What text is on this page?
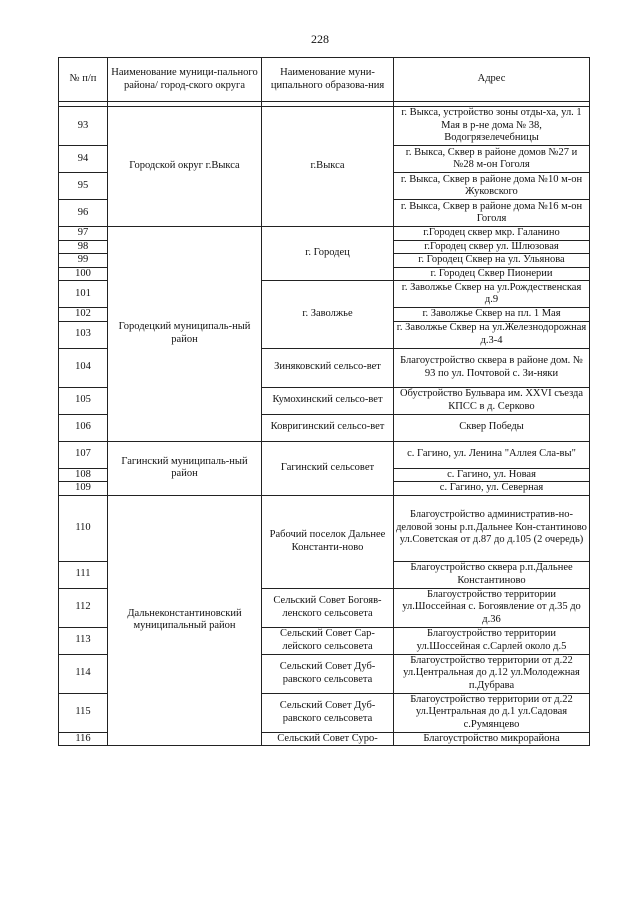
228
№ п/п	Наименование муници-пального района/ город-ского округа	Наименование муни-ципального образова-ния	Адрес

93	Городской округ г.Выкса	г.Выкса	г. Выкса, устройство зоны отды-ха, ул. 1 Мая в р-не дома № 38, Водогрязелечебницы
94			г. Выкса, Сквер в районе домов №27 и №28 м-он Гоголя
95			г. Выкса, Сквер в районе дома №10 м-он Жуковского
96			г. Выкса, Сквер в районе дома №16 м-он Гоголя
97	Городецкий муниципаль-ный район	г. Городец	г.Городец сквер мкр. Галанино
98			г.Городец сквер ул. Шлюзовая
99			г. Городец Сквер на ул. Ульянова
100			г. Городец Сквер Пионерии
101		г. Заволжье	г. Заволжье Сквер на ул.Рождественская д.9
102			г. Заволжье Сквер на пл. 1 Мая
103			г. Заволжье Сквер на ул.Железнодорожная д.3-4
104		Зиняковский сельсо-вет	Благоустройство сквера в районе дом. № 93 по ул. Почтовой с. Зи-няки
105		Кумохинский сельсо-вет	Обустройство Бульвара им. XXVI съезда КПСС в д. Серково
106		Ковригинский сельсо-вет	Сквер Победы
107	Гагинский муниципаль-ный район	Гагинский сельсовет	с. Гагино, ул. Ленина "Аллея Сла-вы"
108			с. Гагино, ул. Новая
109			с. Гагино, ул. Северная
110	Дальнеконстантиновский муниципальный район	Рабочий поселок Дальнее Константи-ново	Благоустройство административ-но-деловой зоны р.п.Дальнее Кон-стантиново ул.Советская от д.87 до д.105 (2 очередь)
111			Благоустройство сквера р.п.Дальнее Константиново
112		Сельский Совет Богояв-ленского сельсовета	Благоустройство территории ул.Шоссейная с. Богоявление от д.35 до д.36
113		Сельский Совет Сар-лейского сельсовета	Благоустройство территории ул.Шоссейная с.Сарлей около д.5
114		Сельский Совет Дуб-равского сельсовета	Благоустройство территории от д.22 ул.Центральная до д.12 ул.Молодежная п.Дубрава
115		Сельский Совет Дуб-равского сельсовета	Благоустройство территории от д.22 ул.Центральная до д.1 ул.Садовая с.Румянцево
116		Сельский Совет Суро-	Благоустройство микрорайона
